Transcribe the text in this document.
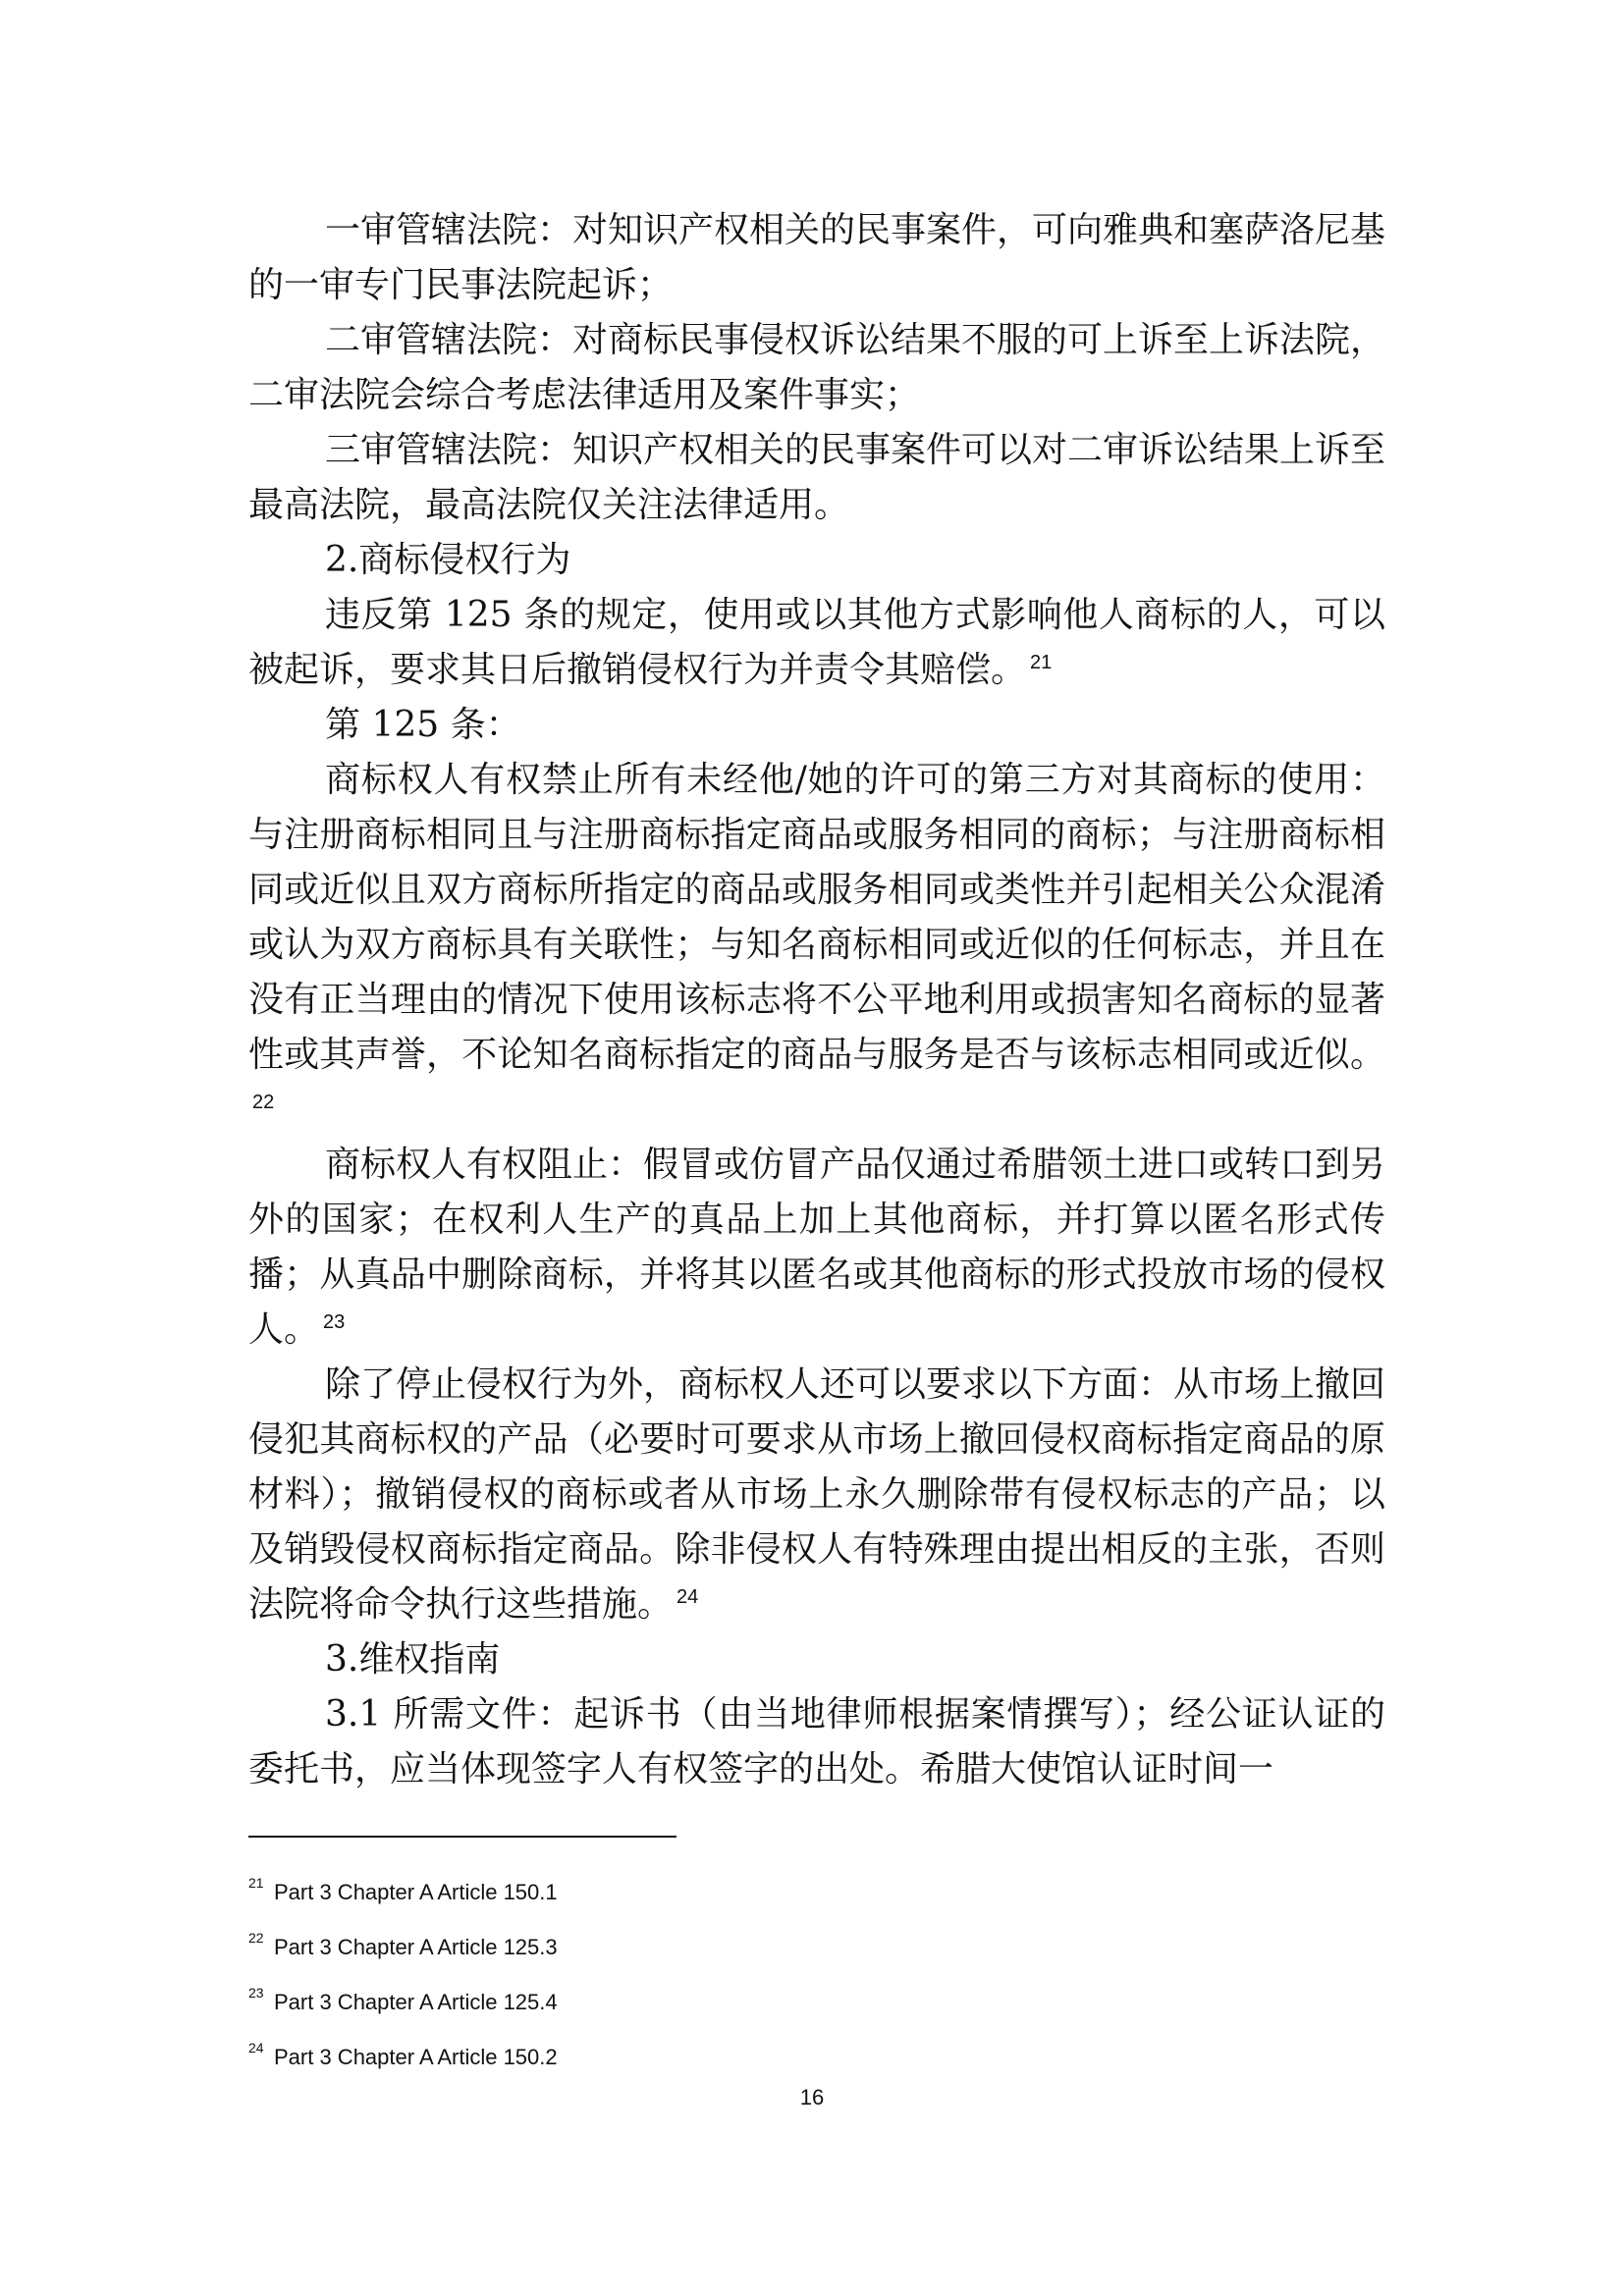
一审管辖法院：对知识产权相关的民事案件，可向雅典和塞萨洛尼基的一审专门民事法院起诉；

二审管辖法院：对商标民事侵权诉讼结果不服的可上诉至上诉法院，二审法院会综合考虑法律适用及案件事实；

三审管辖法院：知识产权相关的民事案件可以对二审诉讼结果上诉至最高法院，最高法院仅关注法律适用。

2.商标侵权行为

违反第 125 条的规定，使用或以其他方式影响他人商标的人，可以被起诉，要求其日后撤销侵权行为并责令其赔偿。 $^{21}$

第 125 条：

商标权人有权禁止所有未经他/她的许可的第三方对其商标的使用：与注册商标相同且与注册商标指定商品或服务相同的商标；与注册商标相同或近似且双方商标所指定的商品或服务相同或类性并引起相关公众混淆或认为双方商标具有关联性；与知名商标相同或近似的任何标志，并且在没有正当理由的情况下使用该标志将不公平地利用或损害知名商标的显著性或其声誉，不论知名商标指定的商品与服务是否与该标志相同或近似。$^{22}$

商标权人有权阻止：假冒或仿冒产品仅通过希腊领土进口或转口到另外的国家；在权利人生产的真品上加上其他商标，并打算以匿名形式传播；从真品中删除商标，并将其以匿名或其他商标的形式投放市场的侵权人。 $^{23}$

除了停止侵权行为外，商标权人还可以要求以下方面：从市场上撤回侵犯其商标权的产品（必要时可要求从市场上撤回侵权商标指定商品的原材料）；撤销侵权的商标或者从市场上永久删除带有侵权标志的产品；以及销毁侵权商标指定商品。除非侵权人有特殊理由提出相反的主张，否则法院将命令执行这些措施。 $^{24}$

3.维权指南

3.1 所需文件：起诉书（由当地律师根据案情撰写）；经公证认证的委托书，应当体现签字人有权签字的出处。希腊大使馆认证时间一

21 Part 3 Chapter A Article 150.1
22 Part 3 Chapter A Article 125.3
23 Part 3 Chapter A Article 125.4
24 Part 3 Chapter A Article 150.2
16
